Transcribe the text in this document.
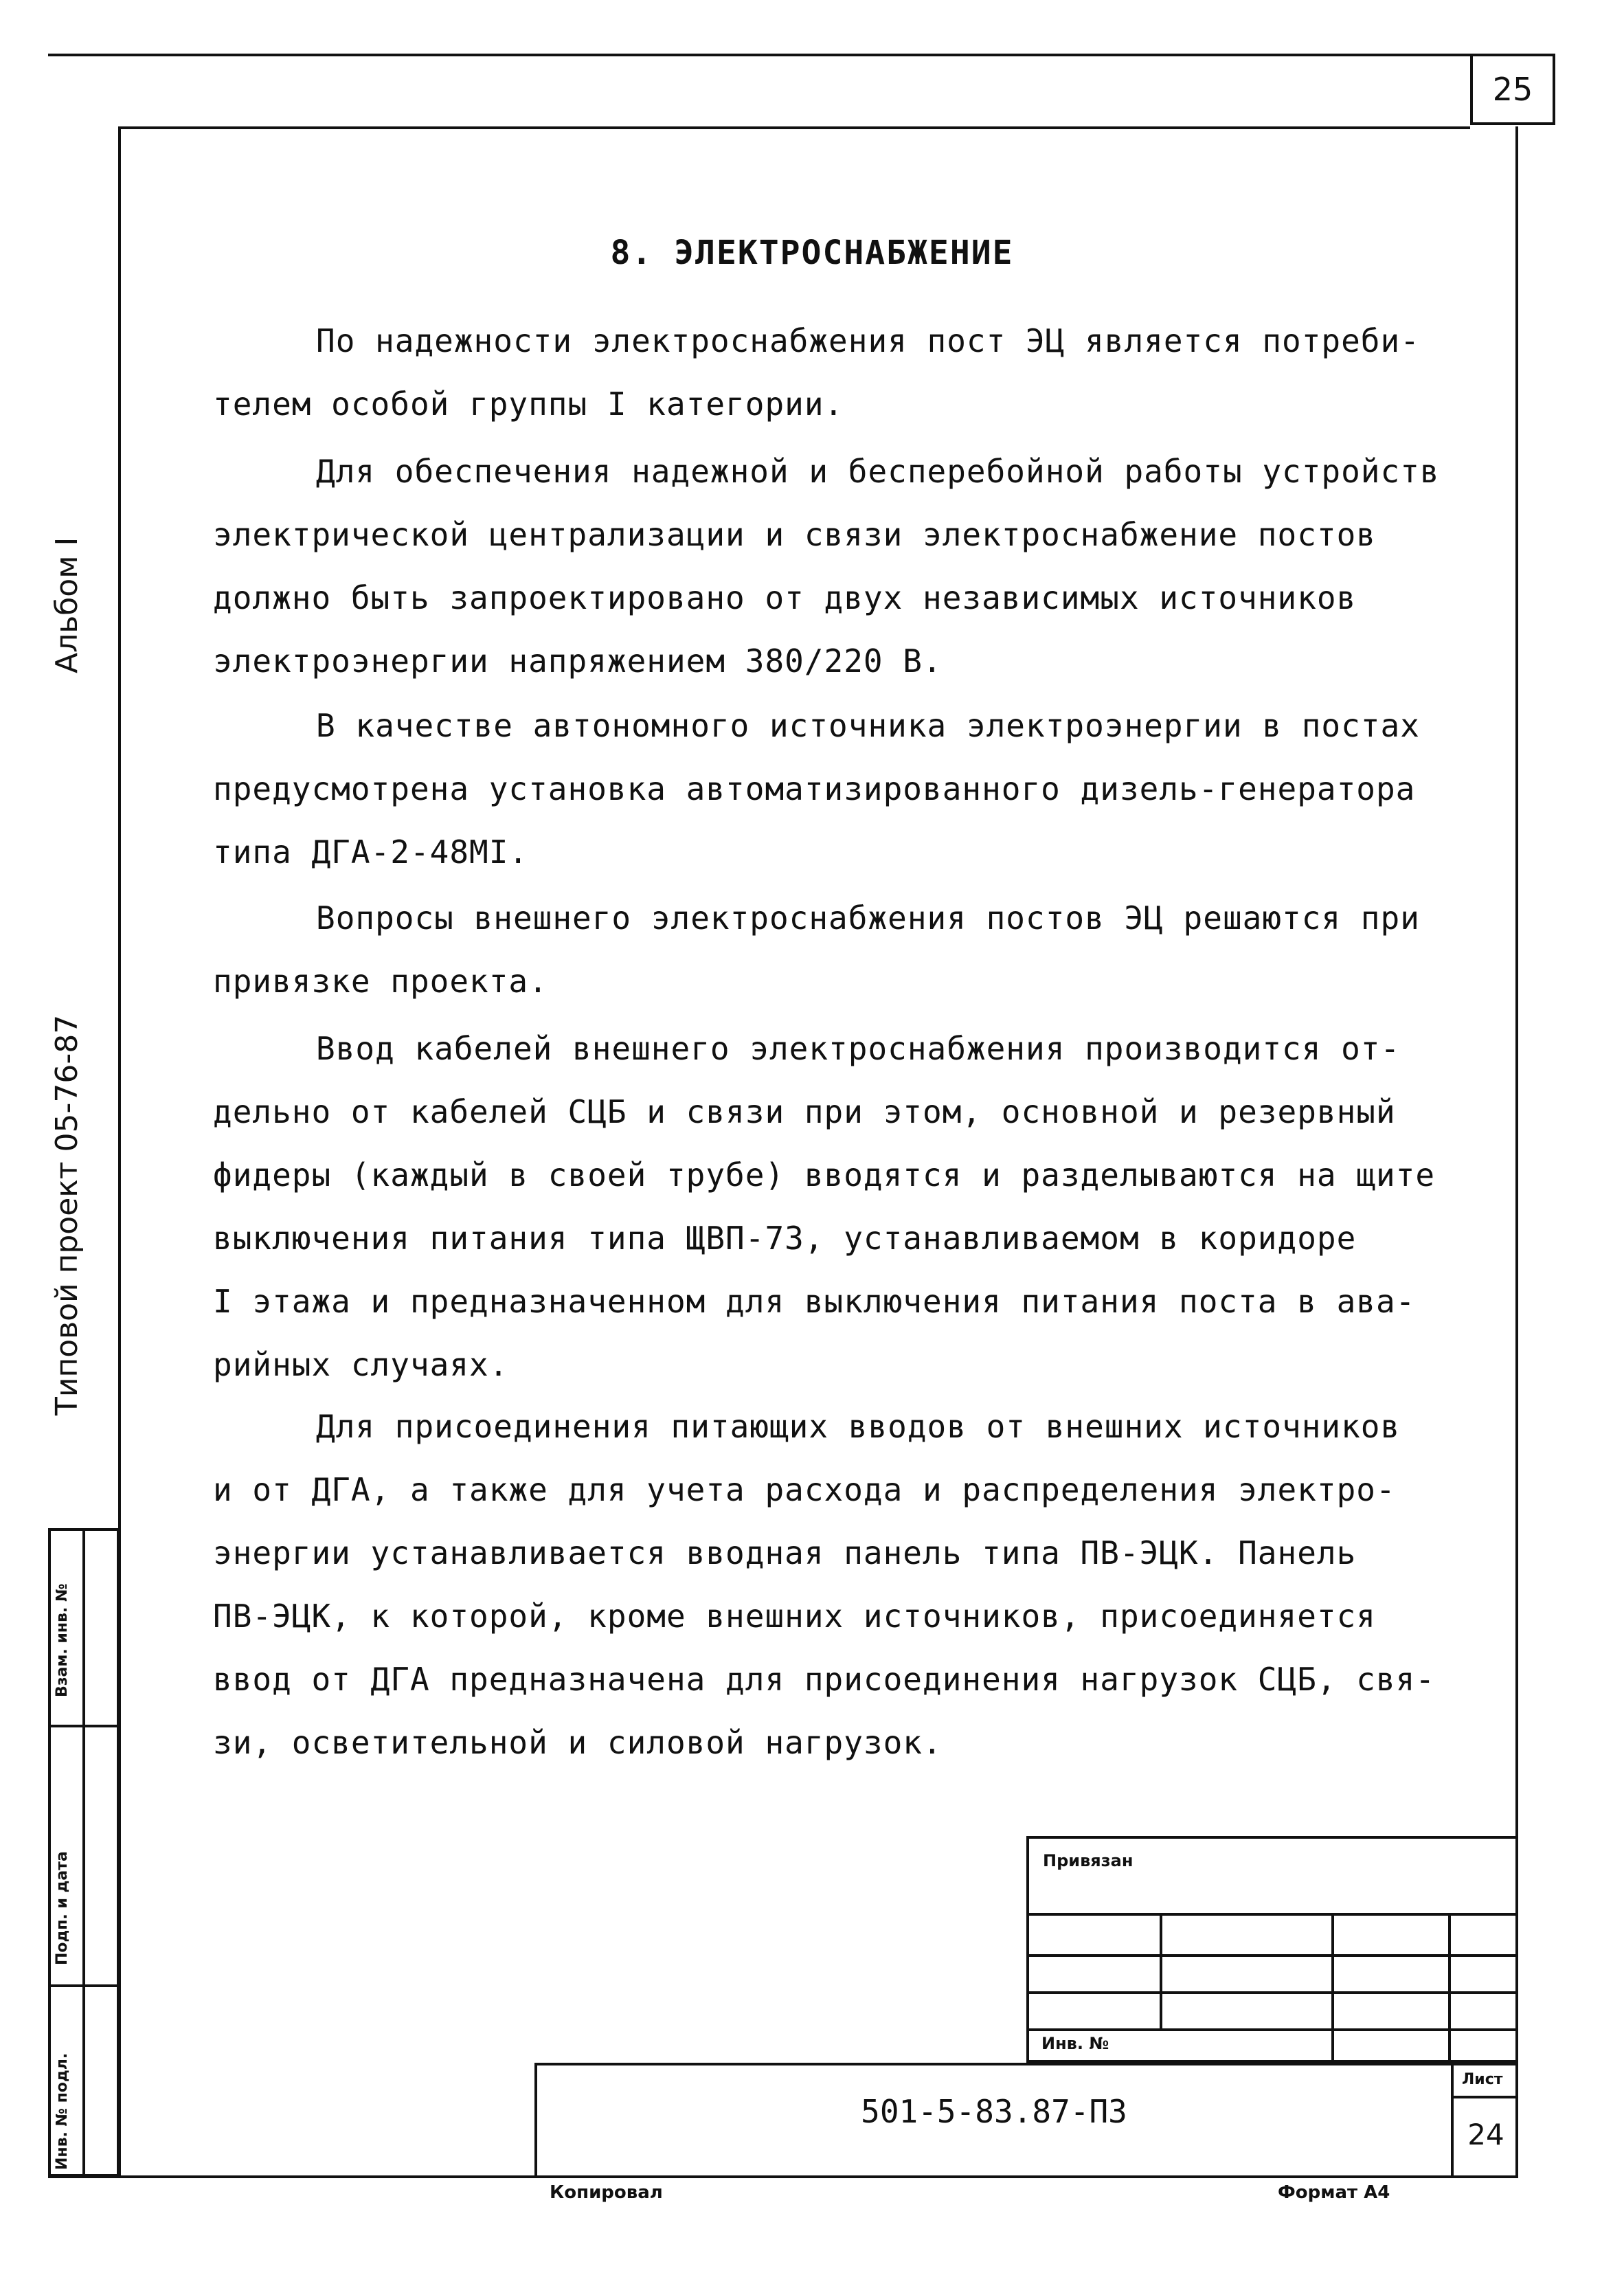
25
Взам. инв. №
Подп. и дата
Инв. № подл.
Альбом I
Типовой проект 05-76-87
8. ЭЛЕКТРОСНАБЖЕНИЕ
По надежности электроснабжения пост ЭЦ является потреби-
телем особой группы I категории.
Для обеспечения надежной и бесперебойной работы устройств
электрической централизации и связи электроснабжение постов
должно быть запроектировано от двух независимых источников
электроэнергии напряжением 380/220 В.
В качестве автономного источника электроэнергии в постах
предусмотрена установка автоматизированного дизель-генератора
типа ДГА-2-48МI.
Вопросы внешнего электроснабжения постов ЭЦ решаются при
привязке проекта.
Ввод кабелей внешнего электроснабжения производится от-
дельно от кабелей СЦБ и связи при этом, основной и резервный
фидеры (каждый в своей трубе) вводятся и разделываются на щите
выключения питания типа ЩВП-73, устанавливаемом в коридоре
I этажа и предназначенном для выключения питания поста в ава-
рийных случаях.
Для присоединения питающих вводов от внешних источников
и от ДГА, а также для учета расхода и распределения электро-
энергии устанавливается вводная панель типа ПВ-ЭЦК. Панель
ПВ-ЭЦК, к которой, кроме внешних источников, присоединяется
ввод от ДГА предназначена для присоединения нагрузок СЦБ, свя-
зи, осветительной и силовой нагрузок.
Привязан
Инв. №
501-5-83.87-ПЗ
Лист
24
Копировал	Формат А4
